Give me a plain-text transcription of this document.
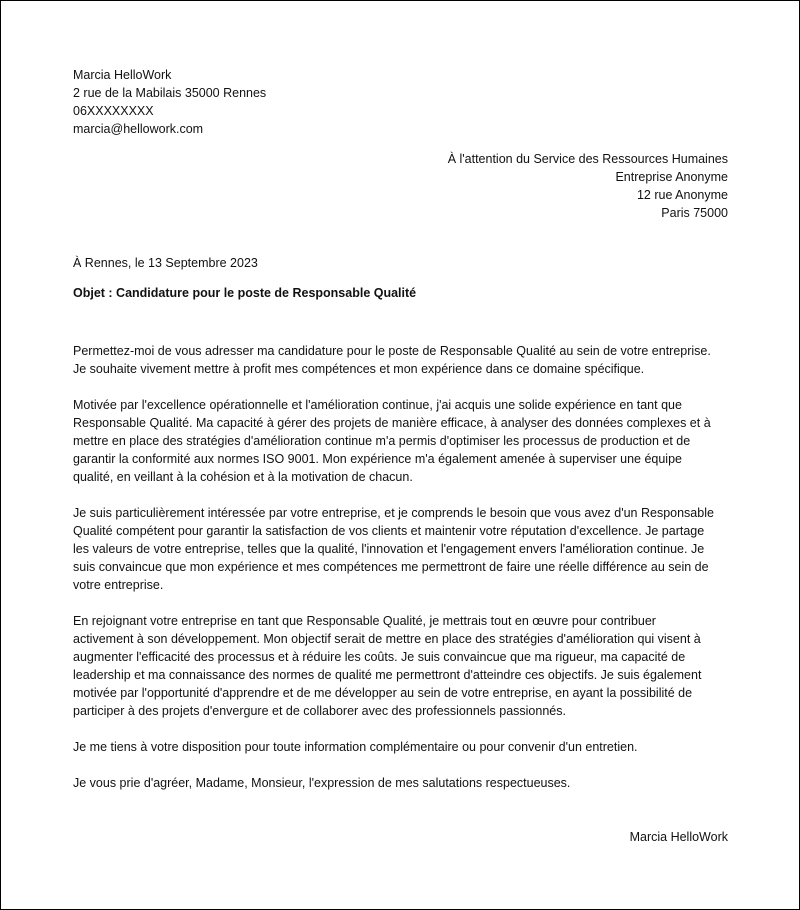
Marcia HelloWork
2 rue de la Mabilais 35000 Rennes
06XXXXXXXX
marcia@hellowork.com
À l'attention du Service des Ressources Humaines
Entreprise Anonyme
12 rue Anonyme
Paris 75000
À Rennes, le 13 Septembre 2023
Objet : Candidature pour le poste de Responsable Qualité

Permettez-moi de vous adresser ma candidature pour le poste de Responsable Qualité au sein de votre entreprise.
Je souhaite vivement mettre à profit mes compétences et mon expérience dans ce domaine spécifique.

Motivée par l'excellence opérationnelle et l'amélioration continue, j'ai acquis une solide expérience en tant que
Responsable Qualité. Ma capacité à gérer des projets de manière efficace, à analyser des données complexes et à
mettre en place des stratégies d'amélioration continue m'a permis d'optimiser les processus de production et de
garantir la conformité aux normes ISO 9001. Mon expérience m'a également amenée à superviser une équipe
qualité, en veillant à la cohésion et à la motivation de chacun.

Je suis particulièrement intéressée par votre entreprise, et je comprends le besoin que vous avez d'un Responsable
Qualité compétent pour garantir la satisfaction de vos clients et maintenir votre réputation d'excellence. Je partage
les valeurs de votre entreprise, telles que la qualité, l'innovation et l'engagement envers l'amélioration continue. Je
suis convaincue que mon expérience et mes compétences me permettront de faire une réelle différence au sein de
votre entreprise.

En rejoignant votre entreprise en tant que Responsable Qualité, je mettrais tout en œuvre pour contribuer
activement à son développement. Mon objectif serait de mettre en place des stratégies d'amélioration qui visent à
augmenter l'efficacité des processus et à réduire les coûts. Je suis convaincue que ma rigueur, ma capacité de
leadership et ma connaissance des normes de qualité me permettront d'atteindre ces objectifs. Je suis également
motivée par l'opportunité d'apprendre et de me développer au sein de votre entreprise, en ayant la possibilité de
participer à des projets d'envergure et de collaborer avec des professionnels passionnés.

Je me tiens à votre disposition pour toute information complémentaire ou pour convenir d'un entretien.

Je vous prie d'agréer, Madame, Monsieur, l'expression de mes salutations respectueuses.

Marcia HelloWork
